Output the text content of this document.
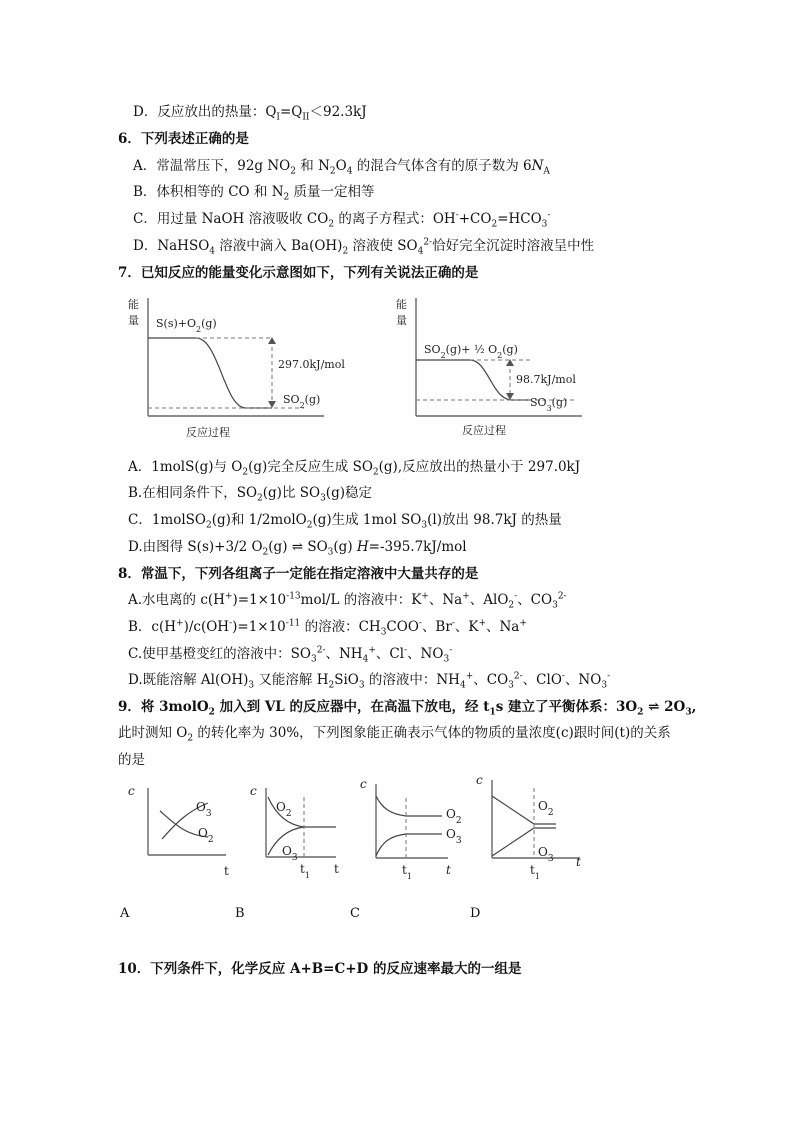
D．反应放出的热量：$Q_I=Q_{II}<92.3kJ$
6．下列表述正确的是
A．常温常压下，92g $NO_2$ 和 $N_2O_4$ 的混合气体含有的原子数为 $6N_A$
B．体积相等的 CO 和 $N_2$ 质量一定相等
C．用过量 NaOH 溶液吸收 $CO_2$ 的离子方程式：$OH^-+CO_2=HCO_3^-$
D．NaHSO$_4$ 溶液中滴入 $Ba(OH)_2$ 溶液使 $SO_4^{2-}$恰好完全沉淀时溶液呈中性
7．已知反应的能量变化示意图如下，下列有关说法正确的是
能
量 $S(s)+O_2(g)$
297.0kJ/mol
$SO_2(g)$
反应过程
能
量
$SO_2(g)+$ ½ $O_2(g)$
98.7kJ/mol
$SO_3(g)$
反应过程
A．1molS(g)与 $O_2(g)$完全反应生成 $SO_2(g)$,反应放出的热量小于 297.0kJ
B.在相同条件下，$SO_2(g)$比 $SO_3(g)$稳定
C．1molSO$_2$(g)和 1/2molO$_2$(g)生成 1mol $SO_3(l)$放出 98.7kJ 的热量
D.由图得 S(s)+3/2 $O_2(g)$ ⇌ $SO_3(g)$ H=-395.7kJ/mol
8．常温下，下列各组离子一定能在指定溶液中大量共存的是
A.水电离的 $c(H^+)=1\times 10^{-13}mol/L$ 的溶液中：K+、Na+、AlO$_2$-、$CO_3^{2-}$
B．$c(H^+)/c(OH^-)=1\times 10^{-11}$ 的溶液：$CH_3COO^-$、Br-、K+、Na+
C.使甲基橙变红的溶液中：$SO_3^{2-}$、$NH_4^+$、Cl-、$NO_3^-$
D.既能溶解 $Al(OH)_3$ 又能溶解 $H_2SiO_3$ 的溶液中：$NH_4^+$、$CO_3^{2-}$、ClO-、$NO_3^-$
9．将 3molO$_2$ 加入到 VL 的反应器中，在高温下放电，经 $t_1s$ 建立了平衡体系：$3O_2$ ⇌ $2O_3$,
此时测知 $O_2$ 的转化率为 30%，下列图象能正确表示气体的物质的量浓度(c)跟时间(t)的关系
的是
c
$O_3$
$O_2$
t
c
$O_2$
$O_3$
$t_1$ t
c
$O_2$
$O_3$
$t_1$	t
c
$O_2$
$O_3$
$t_1$
t
A	B	C	D
10．下列条件下，化学反应 A+B=C+D 的反应速率最大的一组是
